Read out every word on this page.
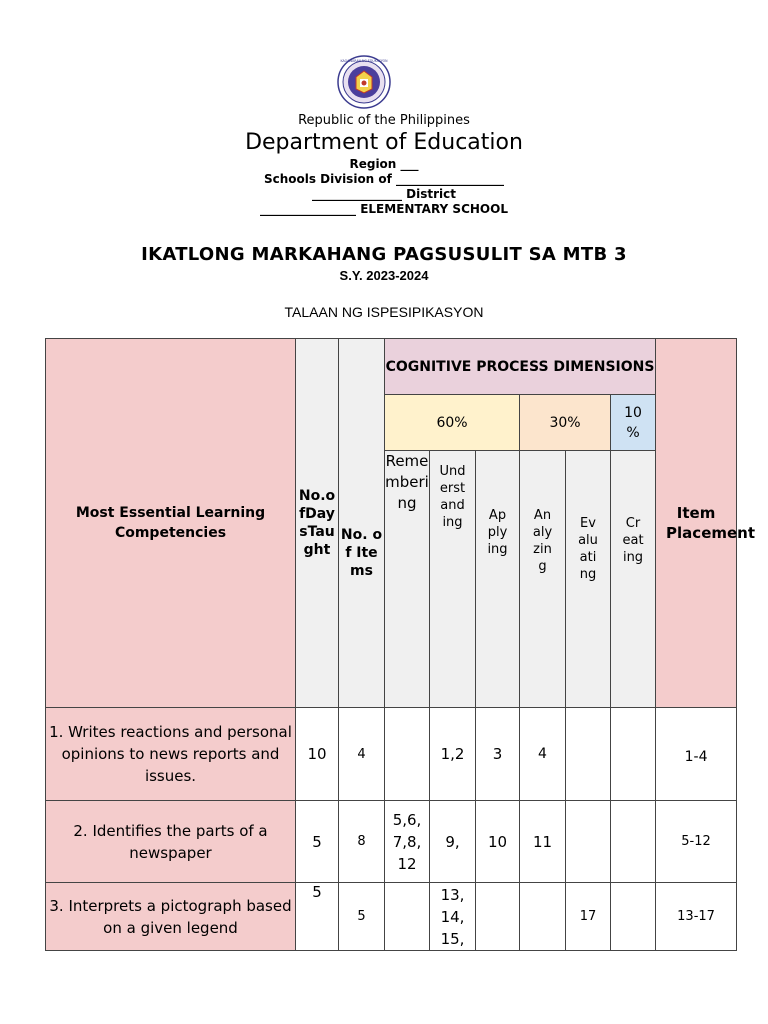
KAGAWARAN NG EDUKASYON
Republic of the Philippines
Department of Education
Region ___
Schools Division of __________________
_______________ District
________________ ELEMENTARY SCHOOL
IKATLONG MARKAHANG PAGSUSULIT SA MTB 3
S.Y. 2023-2024
TALAAN NG ISPESIPIKASYON
Most Essential Learning Competencies	No.ofDaysTaught	No. of Items	COGNITIVE PROCESS DIMENSIONS						Item Placement
			60%			30%		10 %	
			Remembering	Understanding	Applying	Analyzing	Evaluating	Creating	
1. Writes reactions and personal opinions to news reports and issues.	10	4		1,2	3	4			1-4
2. Identifies the parts of a newspaper	5	8	5,6, 7,8, 12	9,	10	11			5-12
3. Interprets a pictograph based on a given legend	5	5		13, 14, 15,			17		13-17
